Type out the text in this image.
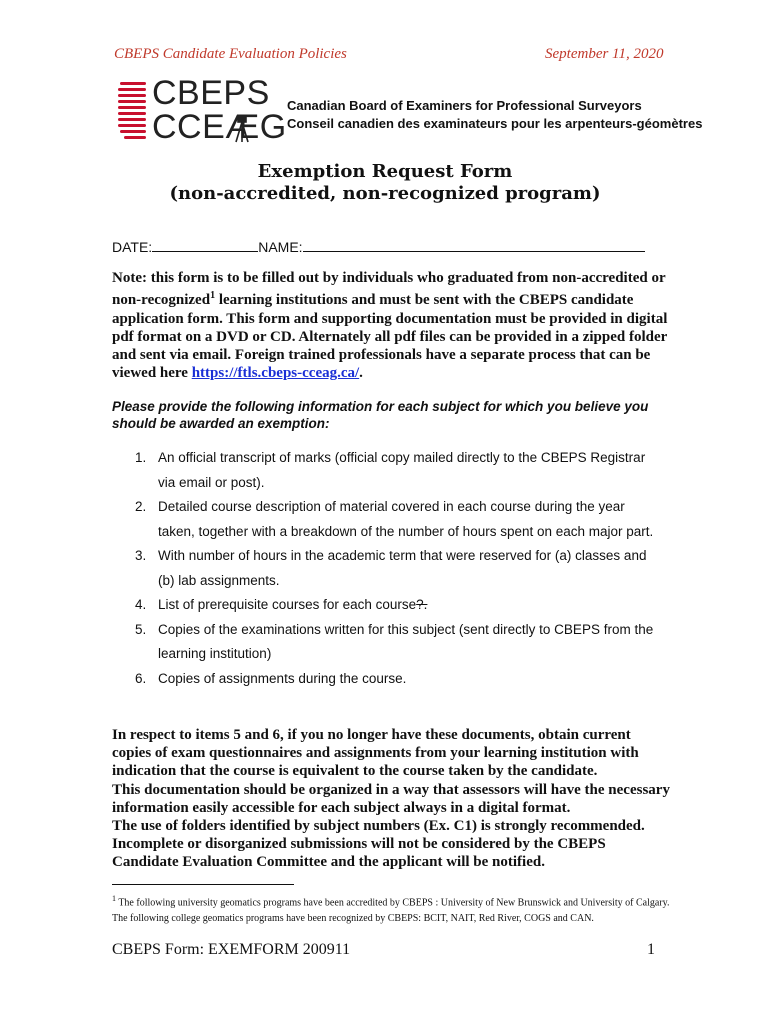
CBEPS Candidate Evaluation Policies	September 11, 2020
CBEPS
CCEÆG
Canadian Board of Examiners for Professional Surveyors
Conseil canadien des examinateurs pour les arpenteurs-géomètres
Exemption Request Form
(non-accredited, non-recognized program)
DATE:	NAME:
Note: this form is to be filled out by individuals who graduated from non-accredited or non-recognized$^1$ learning institutions and must be sent with the CBEPS candidate application form. This form and supporting documentation must be provided in digital pdf format on a DVD or CD. Alternately all pdf files can be provided in a zipped folder and sent via email. Foreign trained professionals have a separate process that can be viewed here https://ftls.cbeps-cceag.ca/.
Please provide the following information for each subject for which you believe you should be awarded an exemption:
1. An official transcript of marks (official copy mailed directly to the CBEPS Registrar via email or post).
2. Detailed course description of material covered in each course during the year taken, together with a breakdown of the number of hours spent on each major part.
3. With number of hours in the academic term that were reserved for (a) classes and (b) lab assignments.
4. List of prerequisite courses for each course?.
5. Copies of the examinations written for this subject (sent directly to CBEPS from the learning institution)
6. Copies of assignments during the course.
In respect to items 5 and 6, if you no longer have these documents, obtain current copies of exam questionnaires and assignments from your learning institution with indication that the course is equivalent to the course taken by the candidate.
This documentation should be organized in a way that assessors will have the necessary information easily accessible for each subject always in a digital format.
The use of folders identified by subject numbers (Ex. C1) is strongly recommended.
Incomplete or disorganized submissions will not be considered by the CBEPS Candidate Evaluation Committee and the applicant will be notified.
$^1$ The following university geomatics programs have been accredited by CBEPS : University of New Brunswick and University of Calgary. The following college geomatics programs have been recognized by CBEPS: BCIT, NAIT, Red River, COGS and CAN.
CBEPS Form: EXEMFORM 200911	1
